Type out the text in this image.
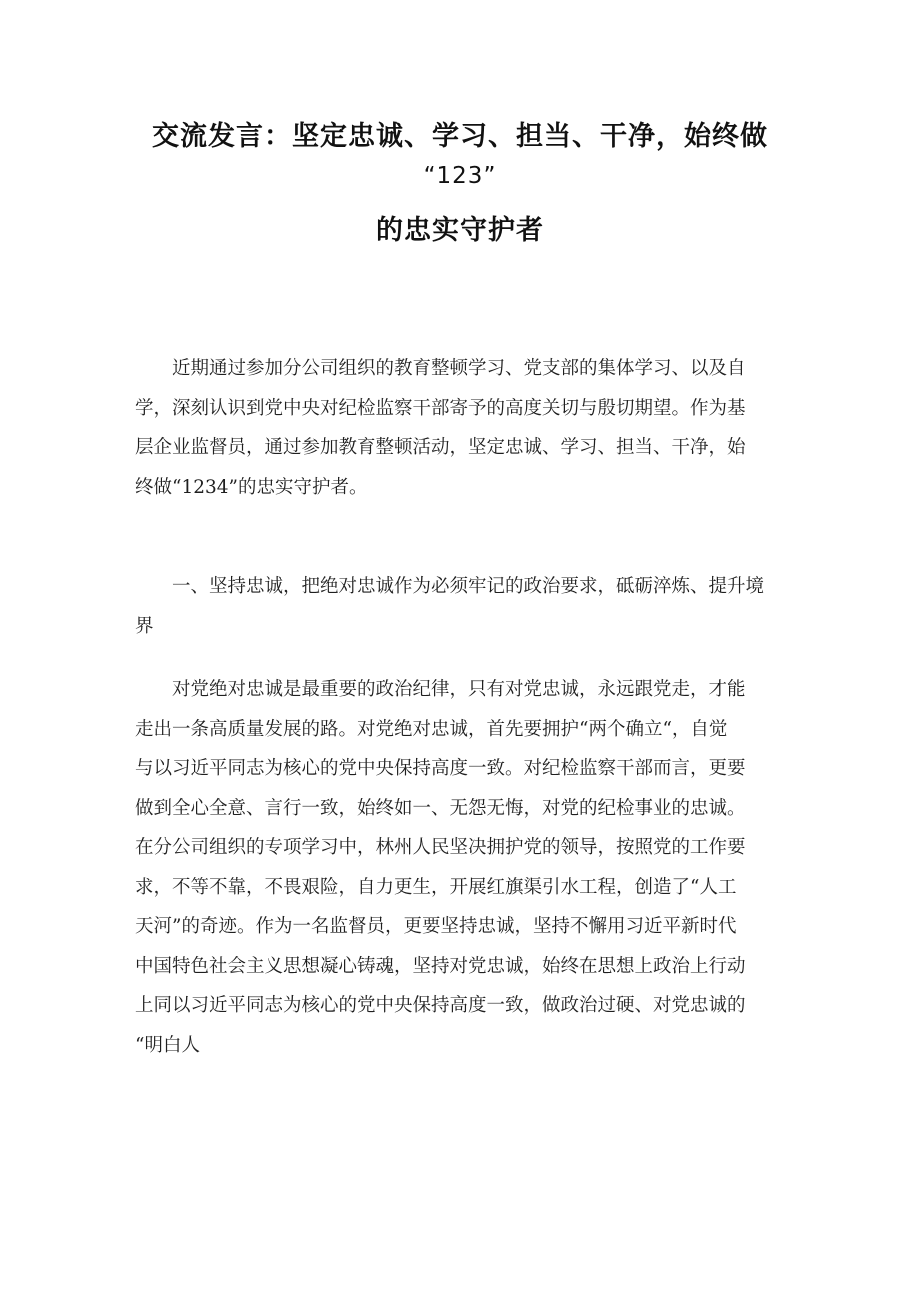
交流发言：坚定忠诚、学习、担当、干净，始终做
“123”
的忠实守护者
　　近期通过参加分公司组织的教育整顿学习、党支部的集体学习、以及自
学，深刻认识到党中央对纪检监察干部寄予的高度关切与殷切期望。作为基
层企业监督员，通过参加教育整顿活动，坚定忠诚、学习、担当、干净，始
终做“1234”的忠实守护者。
　　一、坚持忠诚，把绝对忠诚作为必须牢记的政治要求，砥砺淬炼、提升境
界
　　对党绝对忠诚是最重要的政治纪律，只有对党忠诚，永远跟党走，才能
走出一条高质量发展的路。对党绝对忠诚，首先要拥护“两个确立“，自觉
与以习近平同志为核心的党中央保持高度一致。对纪检监察干部而言，更要
做到全心全意、言行一致，始终如一、无怨无悔，对党的纪检事业的忠诚。
在分公司组织的专项学习中，林州人民坚决拥护党的领导，按照党的工作要
求，不等不靠，不畏艰险，自力更生，开展红旗渠引水工程，创造了“人工
天河”的奇迹。作为一名监督员，更要坚持忠诚，坚持不懈用习近平新时代
中国特色社会主义思想凝心铸魂，坚持对党忠诚，始终在思想上政治上行动
上同以习近平同志为核心的党中央保持高度一致，做政治过硬、对党忠诚的
“明白人
